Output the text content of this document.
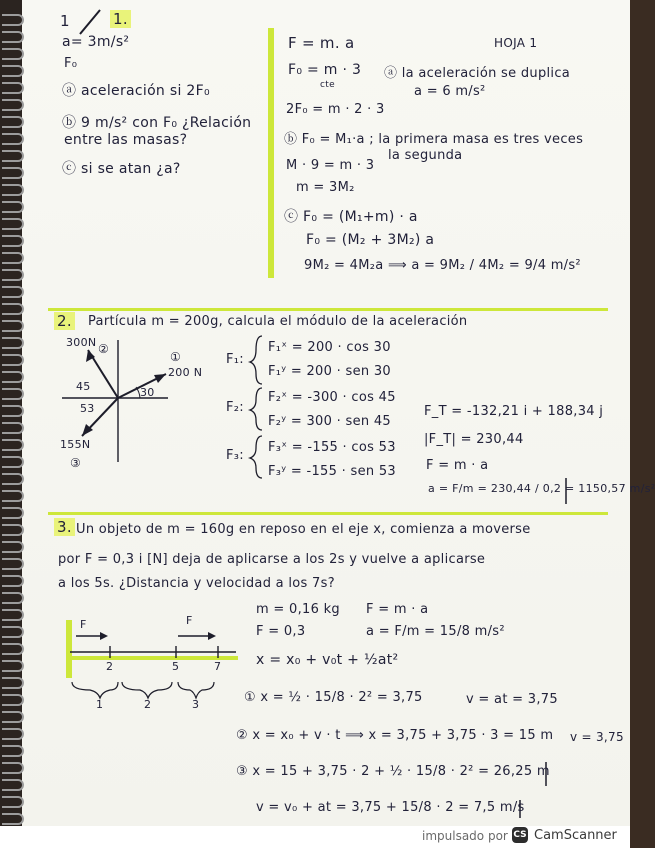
1	1.
a= 3m/s²
F₀
ⓐ aceleración si 2F₀
ⓑ 9 m/s² con F₀ ¿Relación
entre las masas?
ⓒ si se atan ¿a?
HOJA 1
F = m. a
F₀ = m · 3
cte
ⓐ la aceleración se duplica
a = 6 m/s²
2F₀ = m · 2 · 3
ⓑ F₀ = M₁·a ; la primera masa es tres veces
la segunda
M · 9 = m · 3
m = 3M₂
ⓒ F₀ = (M₁+m) · a
F₀ = (M₂ + 3M₂) a
9M₂ = 4M₂a ⟹ a = 9M₂ / 4M₂ = 9/4 m/s²
2. Partícula m = 200g, calcula el módulo de la aceleración
300N ②
①
200 N
45	30
53
155N
③
F₁:
F₁ˣ = 200 · cos 30
F₁ʸ = 200 · sen 30
F₂:
F₂ˣ = -300 · cos 45
F₂ʸ = 300 · sen 45
F₃:
F₃ˣ = -155 · cos 53
F₃ʸ = -155 · sen 53
F_T = -132,21 i + 188,34 j
|F_T| = 230,44
F = m · a
a = F/m = 230,44 / 0,2 = 1150,57 m/s²
3. Un objeto de m = 160g en reposo en el eje x, comienza a moverse
por F = 0,3 i [N] deja de aplicarse a los 2s y vuelve a aplicarse
a los 5s. ¿Distancia y velocidad a los 7s?
F	F
2	5	7
1	2	3
m = 0,16 kg
F = 0,3
F = m · a
a = F/m = 15/8 m/s²
x = x₀ + v₀t + ½at²
① x = ½ · 15/8 · 2² = 3,75	v = at = 3,75
② x = x₀ + v · t ⟹ x = 3,75 + 3,75 · 3 = 15 m v = 3,75
③ x = 15 + 3,75 · 2 + ½ · 15/8 · 2² = 26,25 m
v = v₀ + at = 3,75 + 15/8 · 2 = 7,5 m/s
impulsado por CS CamScanner
